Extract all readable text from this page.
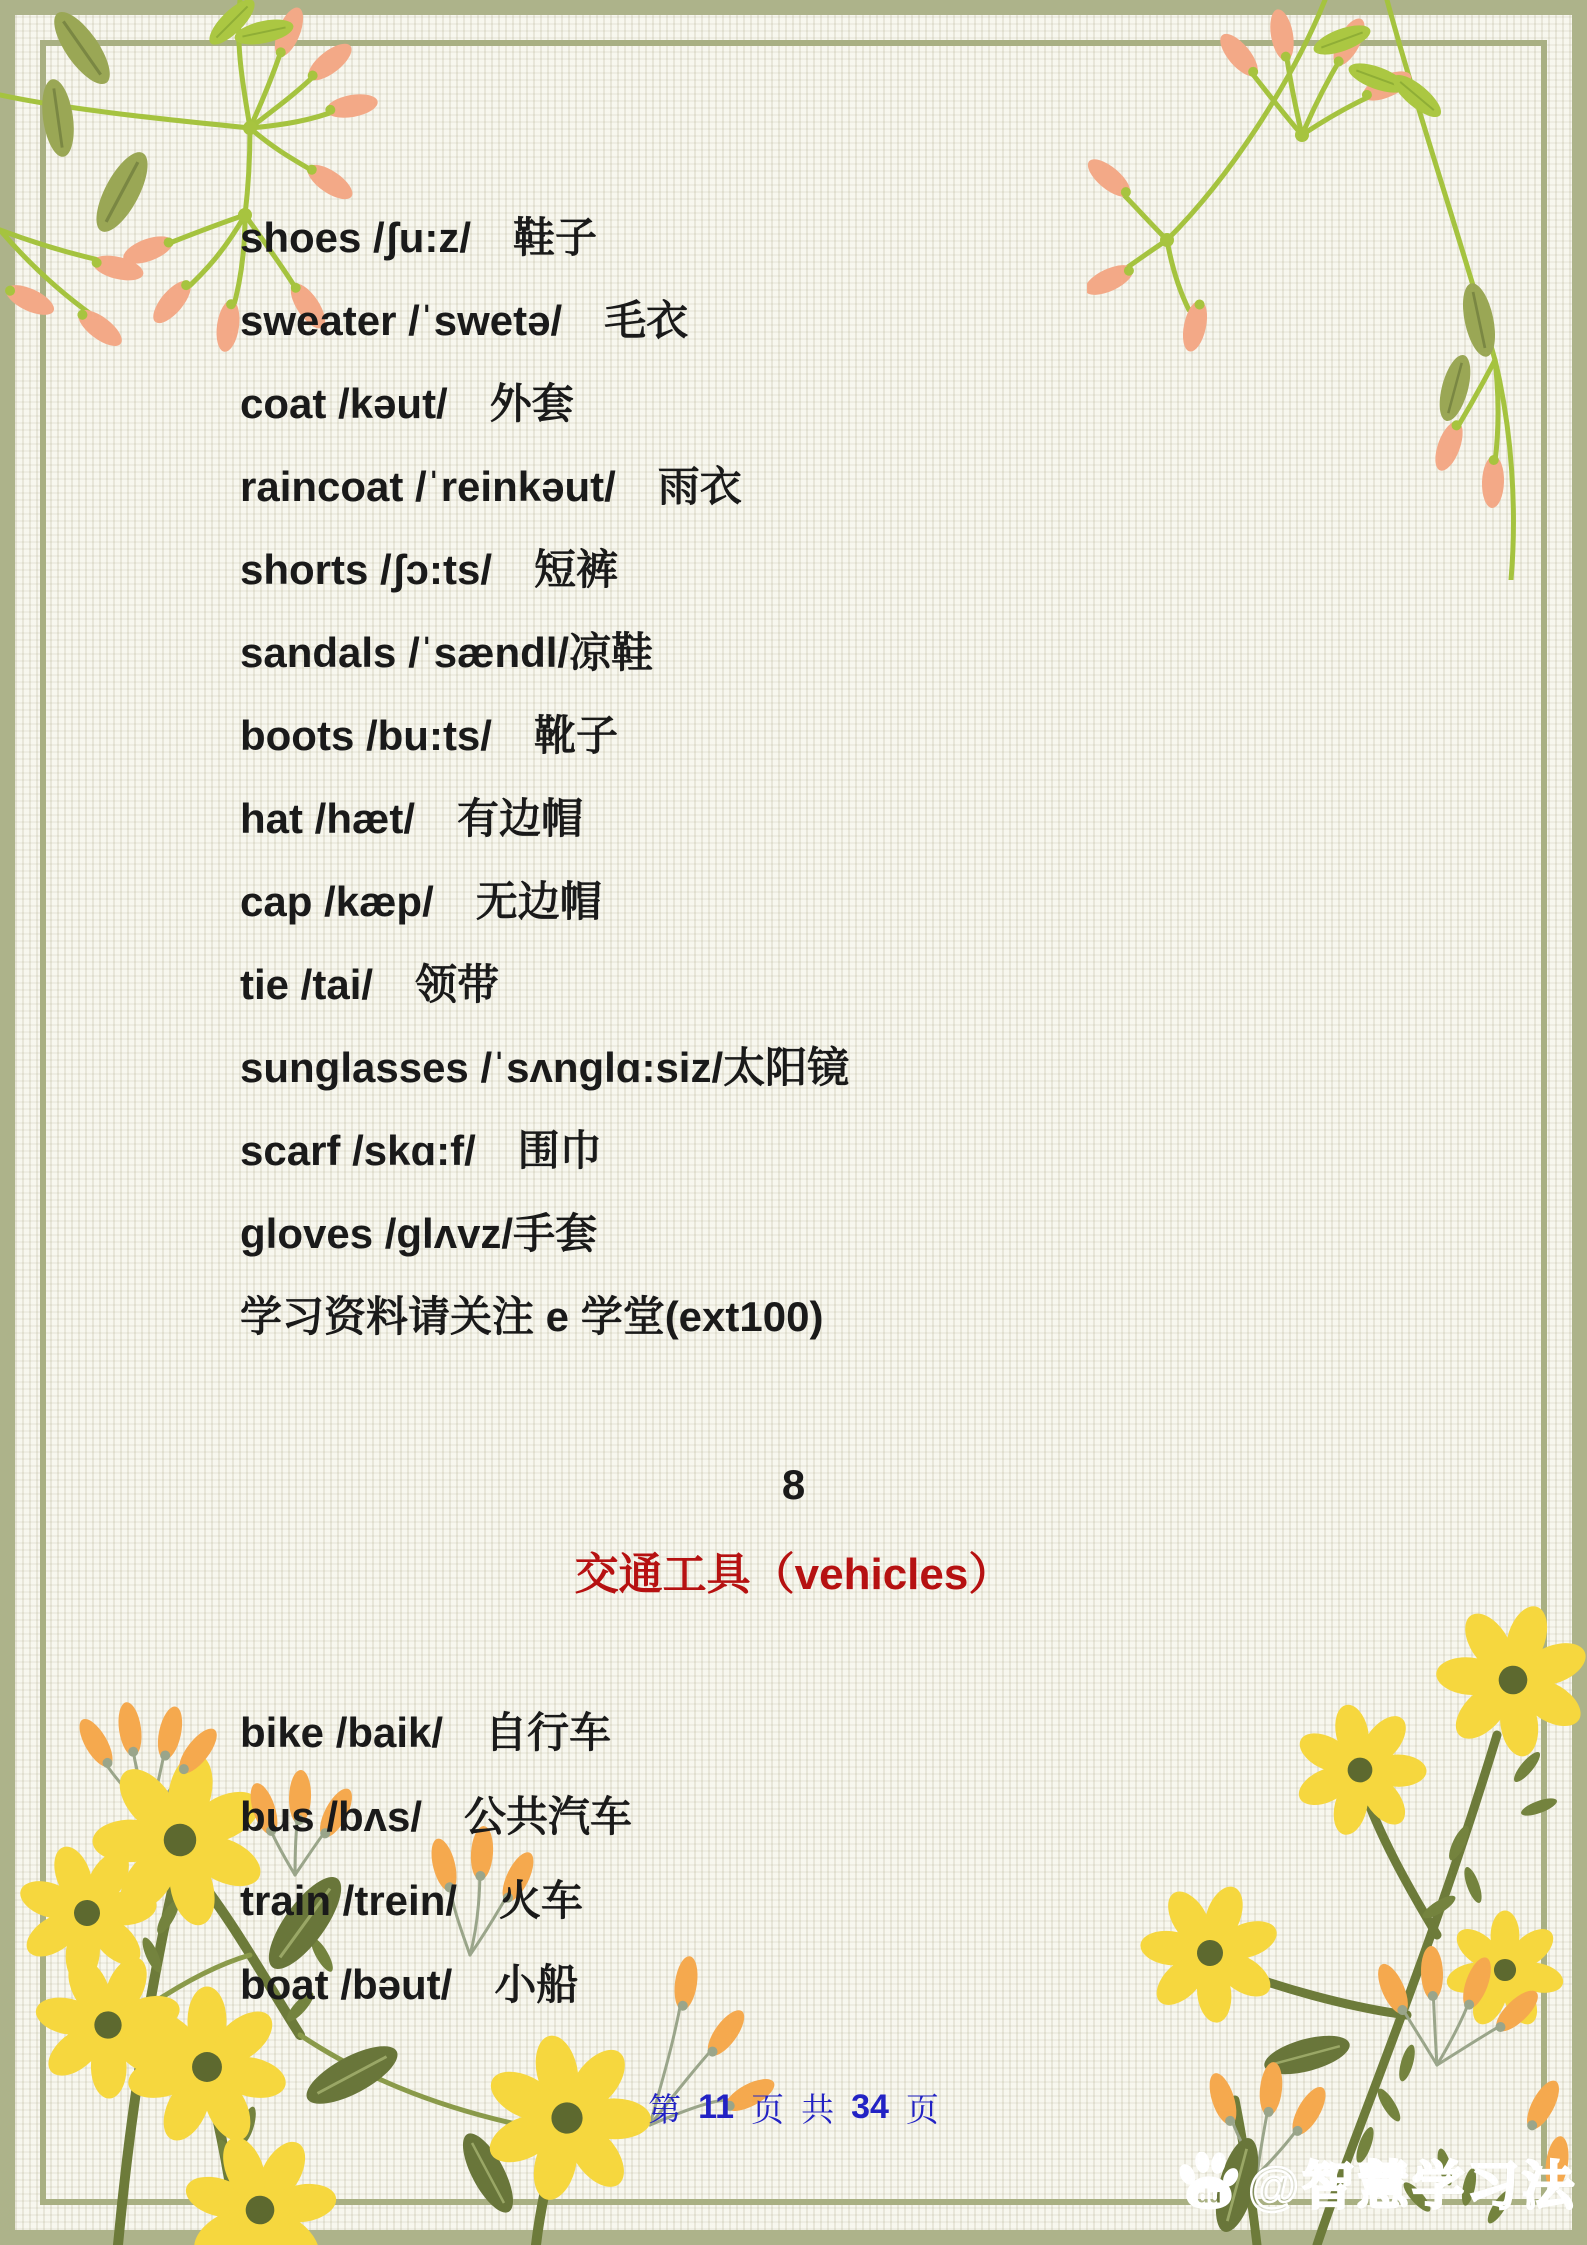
shoes /ʃu:z/　鞋子

sweater /ˈswetə/　毛衣

coat /kəut/　外套

raincoat /ˈreinkəut/　雨衣

shorts /ʃɔ:ts/　短裤

sandals /ˈsændl/凉鞋

boots /bu:ts/　靴子

hat /hæt/　有边帽

cap /kæp/　无边帽

tie /tai/　领带

sunglasses /ˈsʌnglɑ:siz/太阳镜

scarf /skɑ:f/　围巾

gloves /glʌvz/手套

学习资料请关注 e 学堂(ext100)

8

交通工具（vehicles）

bike /baik/　自行车

bus /bʌs/　公共汽车

train /trein/　火车

boat /bəut/　小船

第 11 页 共 34 页
@智慧学习法
